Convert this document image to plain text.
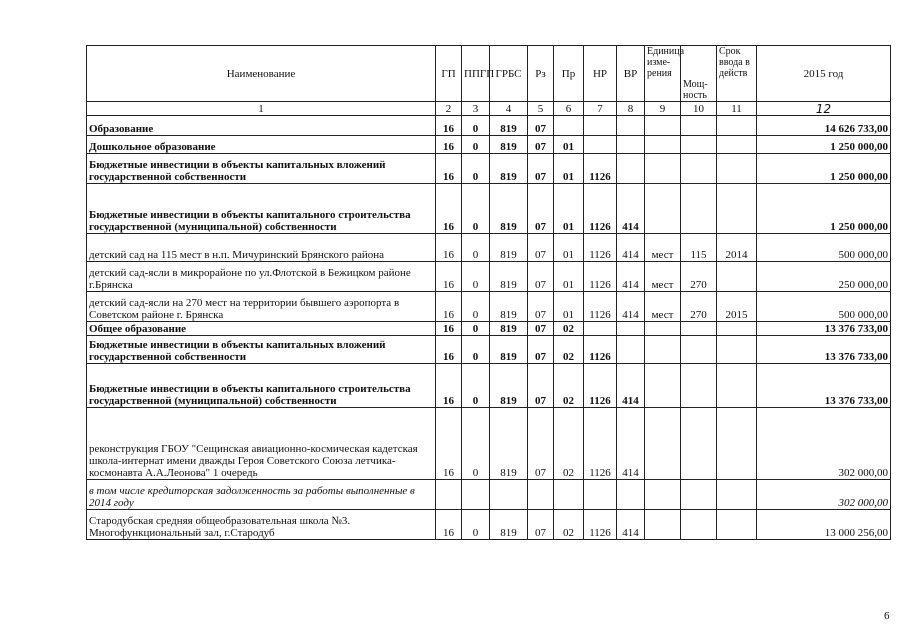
Наименование	ГП	ППГП	ГРБС	Рз	Пр	НР	ВР	Единица изме-рения	Мощ-ность	Срок ввода в действ	2015 год
1	2	3	4	5	6	7	8	9	10	11	12
Образование	16	0	819	07							14 626 733,00
Дошкольное образование	16	0	819	07	01						1 250 000,00
Бюджетные инвестиции в объекты капитальных вложений государственной собственности	16	0	819	07	01	1126					1 250 000,00
Бюджетные инвестиции в объекты капитального строительства государственной (муниципальной) собственности	16	0	819	07	01	1126	414				1 250 000,00
детский сад на 115 мест в н.п. Мичуринский Брянского района	16	0	819	07	01	1126	414	мест	115	2014	500 000,00
детский сад-ясли в микрорайоне по ул.Флотской в Бежицком районе г.Брянска	16	0	819	07	01	1126	414	мест	270		250 000,00
детский сад-ясли на 270 мест на территории бывшего аэропорта в Советском районе г. Брянска	16	0	819	07	01	1126	414	мест	270	2015	500 000,00
Общее образование	16	0	819	07	02						13 376 733,00
Бюджетные инвестиции в объекты капитальных вложений государственной собственности	16	0	819	07	02	1126					13 376 733,00
Бюджетные инвестиции в объекты капитального строительства государственной (муниципальной) собственности	16	0	819	07	02	1126	414				13 376 733,00
реконструкция ГБОУ "Сещинская авиационно-космическая кадетская школа-интернат имени дважды Героя Советского Союза летчика-космонавта А.А.Леонова" 1 очередь	16	0	819	07	02	1126	414				302 000,00
в том числе кредиторская задолженность за работы выполненные в 2014 году											302 000,00
Стародубская средняя общеобразовательная школа №3. Многофункциональный зал, г.Стародуб	16	0	819	07	02	1126	414				13 000 256,00
6
